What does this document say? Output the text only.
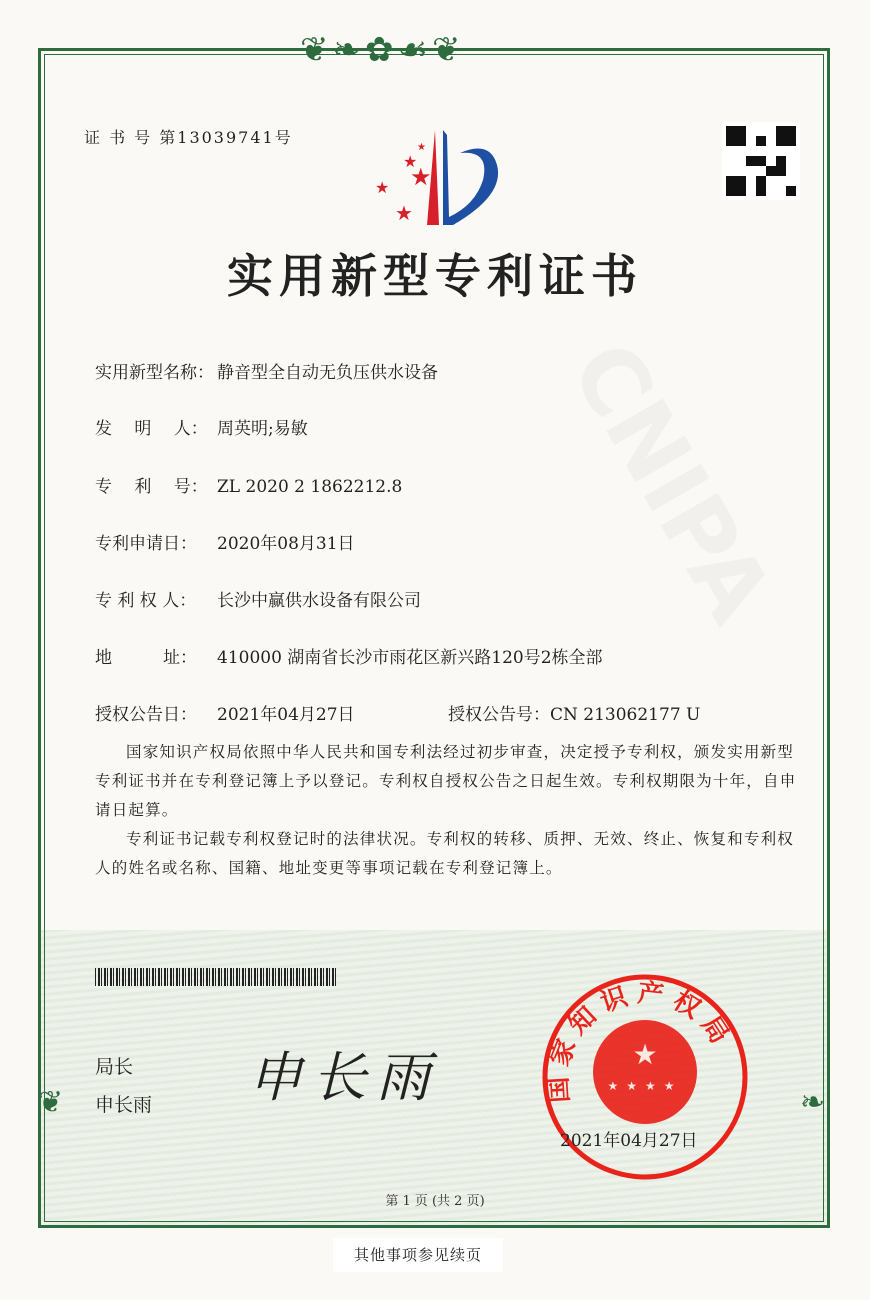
❦❧✿☙❦
❦	❧
证 书 号 第13039741号
★
★
★
★
★
实用新型专利证书
实用新型名称： 静音型全自动无负压供水设备
发　 明　 人： 周英明;易敏
专　 利　 号： ZL 2020 2 1862212.8
专利申请日： 2020年08月31日
专 利 权 人： 长沙中赢供水设备有限公司
地　　　址： 410000 湖南省长沙市雨花区新兴路120号2栋全部
授权公告日： 2021年04月27日	授权公告号：CN 213062177 U

国家知识产权局依照中华人民共和国专利法经过初步审查，决定授予专利权，颁发实用新型专利证书并在专利登记簿上予以登记。专利权自授权公告之日起生效。专利权期限为十年，自申请日起算。

专利证书记载专利权登记时的法律状况。专利权的转移、质押、无效、终止、恢复和专利权人的姓名或名称、国籍、地址变更等事项记载在专利登记簿上。

局长
申长雨 申长雨	★
★★★★
国家知识产权局
2021年04月27日
第 1 页 (共 2 页)
其他事项参见续页
